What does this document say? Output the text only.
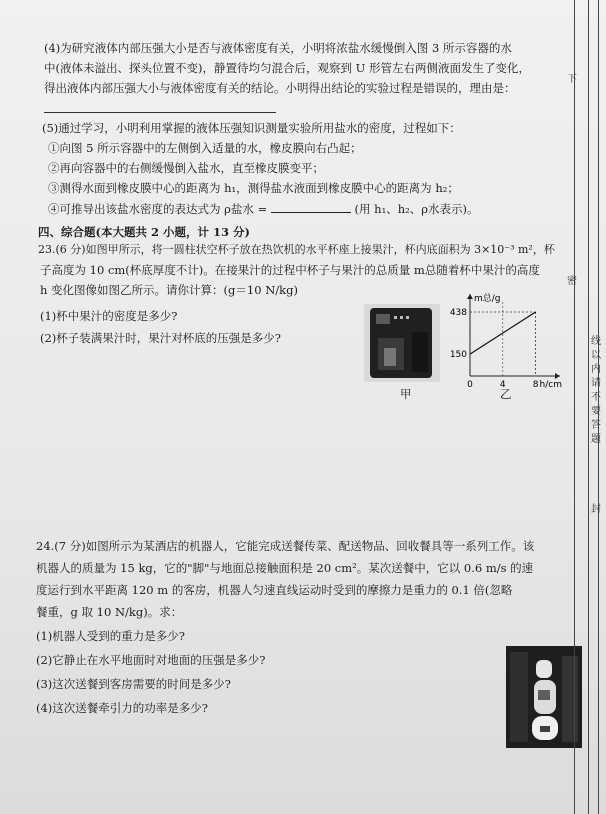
(4)为研究液体内部压强大小是否与液体密度有关，小明将浓盐水缓慢倒入图 3 所示容器的水
中(液体未溢出、探头位置不变)，静置待均匀混合后，观察到 U 形管左右两侧液面发生了变化，
得出液体内部压强大小与液体密度有关的结论。小明得出结论的实验过程是错误的，理由是：
(5)通过学习，小明利用掌握的液体压强知识测量实验所用盐水的密度，过程如下：
①向图 5 所示容器中的左侧倒入适量的水，橡皮膜向右凸起；
②再向容器中的右侧缓慢倒入盐水，直至橡皮膜变平；
③测得水面到橡皮膜中心的距离为 h₁，测得盐水液面到橡皮膜中心的距离为 h₂；
④可推导出该盐水密度的表达式为 ρ盐水 =	(用 h₁、h₂、ρ水表示)。
四、综合题(本大题共 2 小题，计 13 分)
23.(6 分)如图甲所示，将一圆柱状空杯子放在热饮机的水平杯座上接果汁，杯内底面积为 3×10⁻³ m²，杯
子高度为 10 cm(杯底厚度不计)。在接果汁的过程中杯子与果汁的总质量 m总随着杯中果汁的高度
h 变化图像如图乙所示。请你计算：(g＝10 N/kg)
(1)杯中果汁的密度是多少?
(2)杯子装满果汁时，果汁对杯底的压强是多少?
甲
0	4	8
150
438
m总/g
h/cm
乙
24.(7 分)如图所示为某酒店的机器人，它能完成送餐传菜、配送物品、回收餐具等一系列工作。该
机器人的质量为 15 kg，它的"脚"与地面总接触面积是 20 cm²。某次送餐中，它以 0.6 m/s 的速
度运行到水平距离 120 m 的客房，机器人匀速直线运动时受到的摩擦力是重力的 0.1 倍(忽略
餐重，g 取 10 N/kg)。求：
(1)机器人受到的重力是多少?
(2)它静止在水平地面时对地面的压强是多少?
(3)这次送餐到客房需要的时间是多少?
(4)这次送餐牵引力的功率是多少?
下
密
封
线
以
内
请
不
要
答
题
